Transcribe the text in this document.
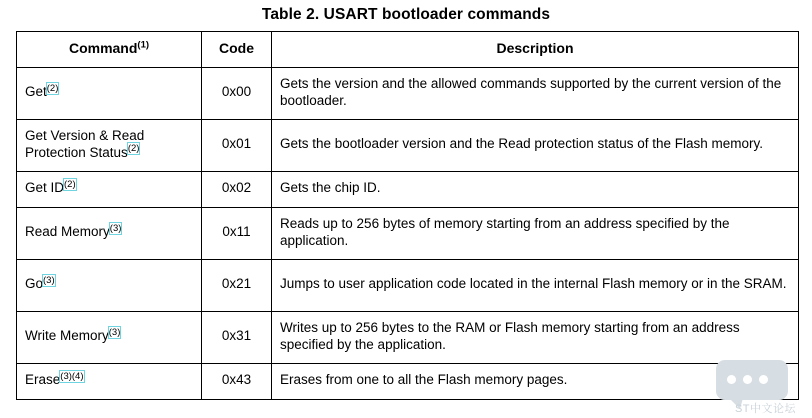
Table 2. USART bootloader commands
Command$^{(1)}$	Code	Description
Get$^{(2)}$	0x00	Gets the version and the allowed commands supported by the current version of the bootloader.
Get Version & Read Protection Status$^{(2)}$	0x01	Gets the bootloader version and the Read protection status of the Flash memory.
Get ID$^{(2)}$	0x02	Gets the chip ID.
Read Memory$^{(3)}$	0x11	Reads up to 256 bytes of memory starting from an address specified by the application.
Go$^{(3)}$	0x21	Jumps to user application code located in the internal Flash memory or in the SRAM.
Write Memory$^{(3)}$	0x31	Writes up to 256 bytes to the RAM or Flash memory starting from an address specified by the application.
Erase$^{(3)(4)}$	0x43	Erases from one to all the Flash memory pages.
ST中文论坛
